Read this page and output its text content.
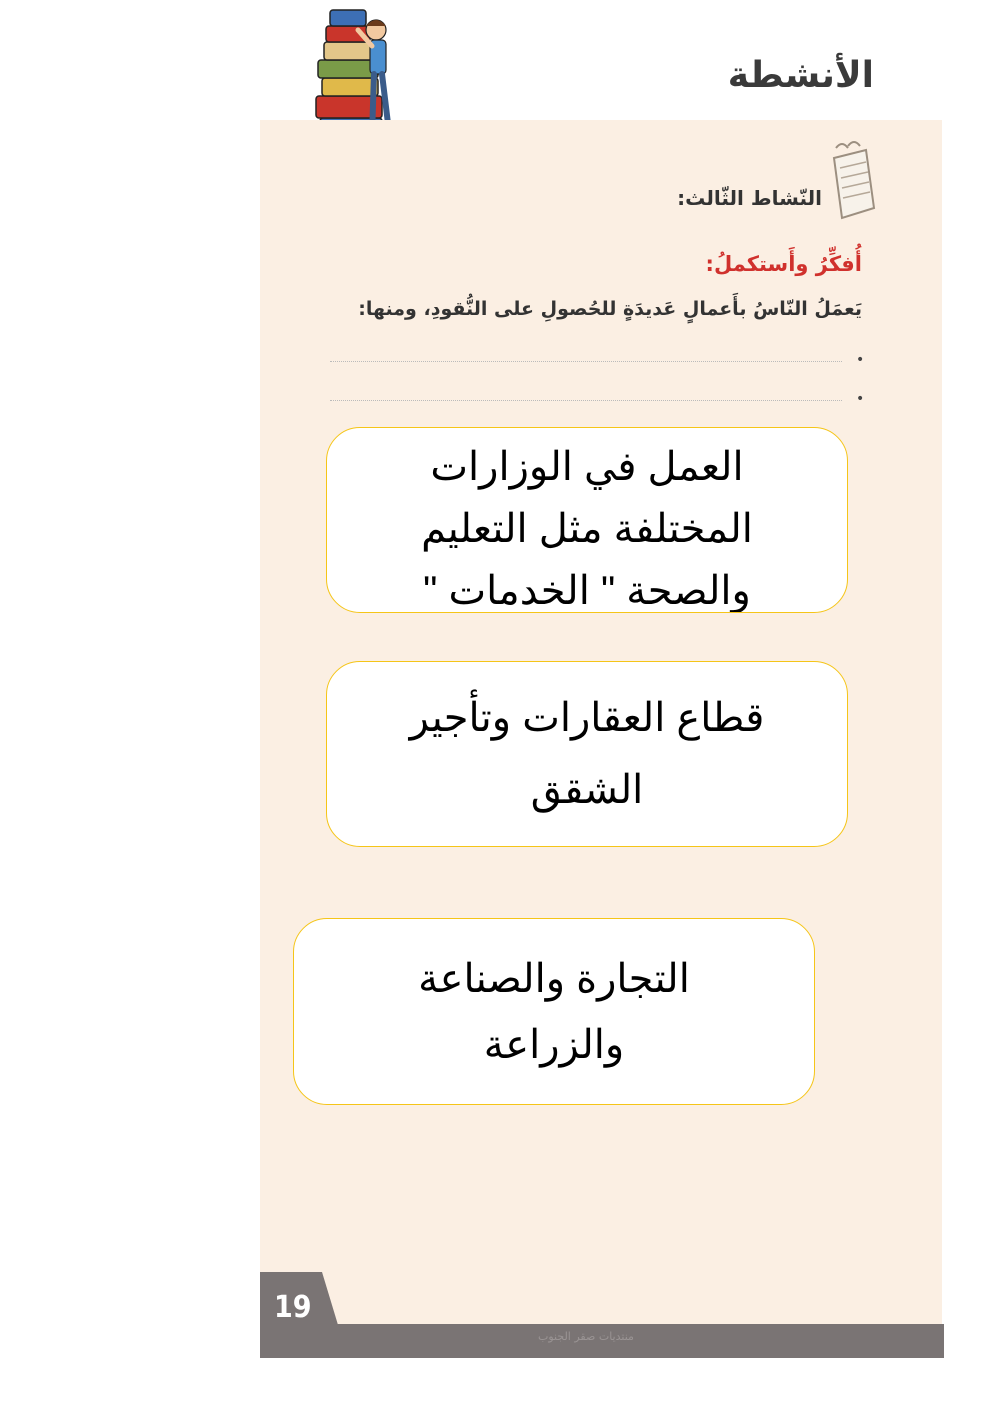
الأنشطة
النّشاط الثّالث:
أُفكِّرُ وأَستكملُ:
يَعمَلُ النّاسُ بأَعمالٍ عَديدَةٍ للحُصولِ على النُّقودِ، ومنها:
•
•
العمل في الوزارات
المختلفة مثل التعليم
والصحة " الخدمات "
قطاع العقارات وتأجير
الشقق
التجارة والصناعة
والزراعة
19
منتديات صقر الجنوب
